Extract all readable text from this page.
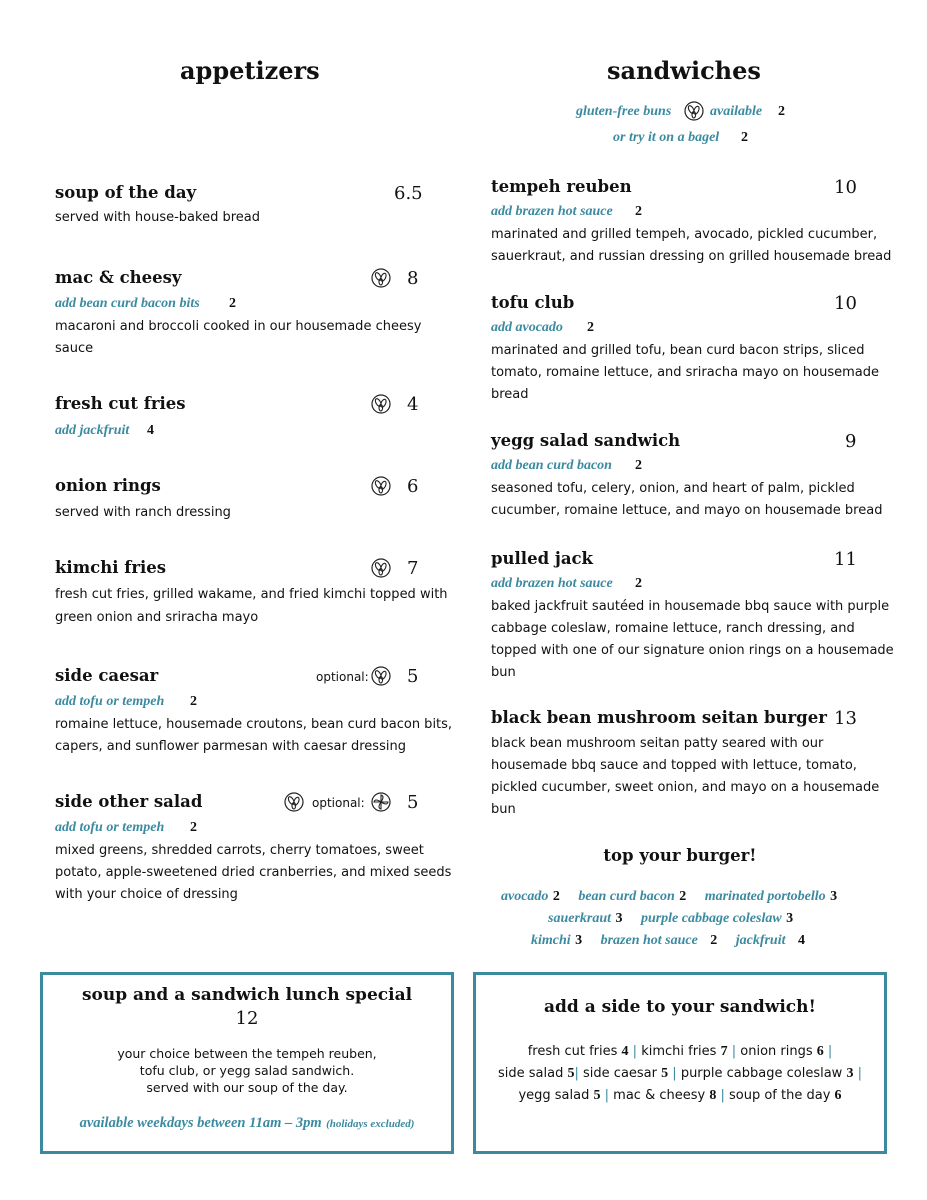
appetizers
soup of the day	6.5
served with house-baked bread
mac & cheesy	8
add bean curd bacon bits 2
macaroni and broccoli cooked in our housemade cheesy
sauce
fresh cut fries	4
add jackfruit 4
onion rings	6
served with ranch dressing
kimchi fries	7
fresh cut fries, grilled wakame, and fried kimchi topped with
green onion and sriracha mayo
side caesar	optional: 5
add tofu or tempeh 2
romaine lettuce, housemade croutons, bean curd bacon bits,
capers, and sunflower parmesan with caesar dressing
side other salad	optional: 5
add tofu or tempeh 2
mixed greens, shredded carrots, cherry tomatoes, sweet
potato, apple-sweetened dried cranberries, and mixed seeds
with your choice of dressing
sandwiches
gluten-free buns	available 2
or try it on a bagel 2
tempeh reuben	10
add brazen hot sauce 2
marinated and grilled tempeh, avocado, pickled cucumber,
sauerkraut, and russian dressing on grilled housemade bread
tofu club	10
add avocado 2
marinated and grilled tofu, bean curd bacon strips, sliced
tomato, romaine lettuce, and sriracha mayo on housemade
bread
yegg salad sandwich	9
add bean curd bacon 2
seasoned tofu, celery, onion, and heart of palm, pickled
cucumber, romaine lettuce, and mayo on housemade bread
pulled jack	11
add brazen hot sauce 2
baked jackfruit sautéed in housemade bbq sauce with purple
cabbage coleslaw, romaine lettuce, ranch dressing, and
topped with one of our signature onion rings on a housemade
bun
black bean mushroom seitan burger 13
black bean mushroom seitan patty seared with our
housemade bbq sauce and topped with lettuce, tomato,
pickled cucumber, sweet onion, and mayo on a housemade
bun
top your burger!
avocado 2 bean curd bacon 2 marinated portobello 3
sauerkraut 3 purple cabbage coleslaw 3
kimchi 3 brazen hot sauce 2 jackfruit 4
soup and a sandwich lunch special
12
your choice between the tempeh reuben,
tofu club, or yegg salad sandwich.
served with our soup of the day.
available weekdays between 11am – 3pm (holidays excluded)
add a side to your sandwich!
fresh cut fries 4 | kimchi fries 7 | onion rings 6 |
side salad 5| side caesar 5 | purple cabbage coleslaw 3 |
yegg salad 5 | mac & cheesy 8 | soup of the day 6
